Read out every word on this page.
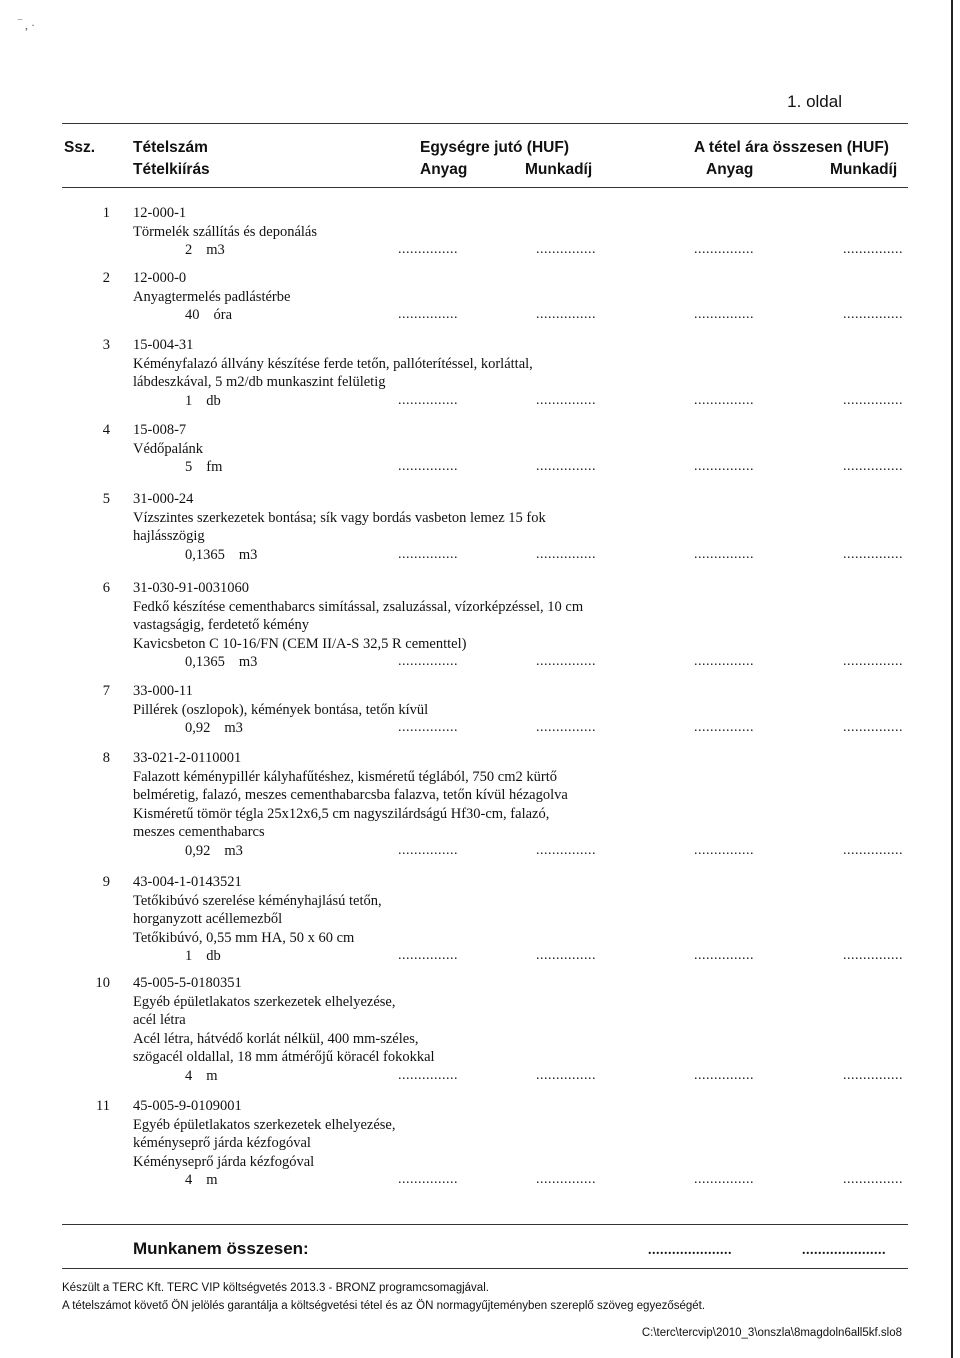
‾ , ·
1. oldal
Ssz. Tételszám
Tételkiírás
Egységre jutó (HUF)	A tétel ára összesen (HUF)
Anyag	Munkadíj	Anyag	Munkadíj
1 12-000-1
Törmelék szállítás és deponálás
2 m3	...............	...............	...............	...............
2 12-000-0
Anyagtermelés padlástérbe
40 óra	...............	...............	...............	...............
3 15-004-31
Kéményfalazó állvány készítése ferde tetőn, pallóterítéssel, korláttal,
lábdeszkával, 5 m2/db munkaszint felületig
1 db	...............	...............	...............	...............
4 15-008-7
Védőpalánk
5 fm	...............	...............	...............	...............
5 31-000-24
Vízszintes szerkezetek bontása; sík vagy bordás vasbeton lemez 15 fok
hajlásszögig
0,1365 m3	...............	...............	...............	...............
6 31-030-91-0031060
Fedkő készítése cementhabarcs simítással, zsaluzással, vízorképzéssel, 10 cm
vastagságig, ferdetető kémény
Kavicsbeton C 10-16/FN (CEM II/A-S 32,5 R cementtel)
0,1365 m3	...............	...............	...............	...............
7 33-000-11
Pillérek (oszlopok), kémények bontása, tetőn kívül
0,92 m3	...............	...............	...............	...............
8 33-021-2-0110001
Falazott kéménypillér kályhafűtéshez, kisméretű téglából, 750 cm2 kürtő
belméretig, falazó, meszes cementhabarcsba falazva, tetőn kívül hézagolva
Kisméretű tömör tégla 25x12x6,5 cm nagyszilárdságú Hf30-cm, falazó,
meszes cementhabarcs
0,92 m3	...............	...............	...............	...............
9 43-004-1-0143521
Tetőkibúvó szerelése kéményhajlású tetőn,
horganyzott acéllemezből
Tetőkibúvó, 0,55 mm HA, 50 x 60 cm
1 db	...............	...............	...............	...............
10 45-005-5-0180351
Egyéb épületlakatos szerkezetek elhelyezése,
acél létra
Acél létra, hátvédő korlát nélkül, 400 mm-széles,
szögacél oldallal, 18 mm átmérőjű köracél fokokkal
4 m	...............	...............	...............	...............
11 45-005-9-0109001
Egyéb épületlakatos szerkezetek elhelyezése,
kéményseprő járda kézfogóval
Kéményseprő járda kézfogóval
4 m	...............	...............	...............	...............
Munkanem összesen:	.....................	.....................
Készült a TERC Kft. TERC VIP költségvetés 2013.3 - BRONZ programcsomagjával.
A tételszámot követő ÖN jelölés garantálja a költségvetési tétel és az ÖN normagyűjteményben szereplő szöveg egyezőségét.
C:\terc\tercvip\2010_3\onszla\8magdoln6all5kf.slo8
